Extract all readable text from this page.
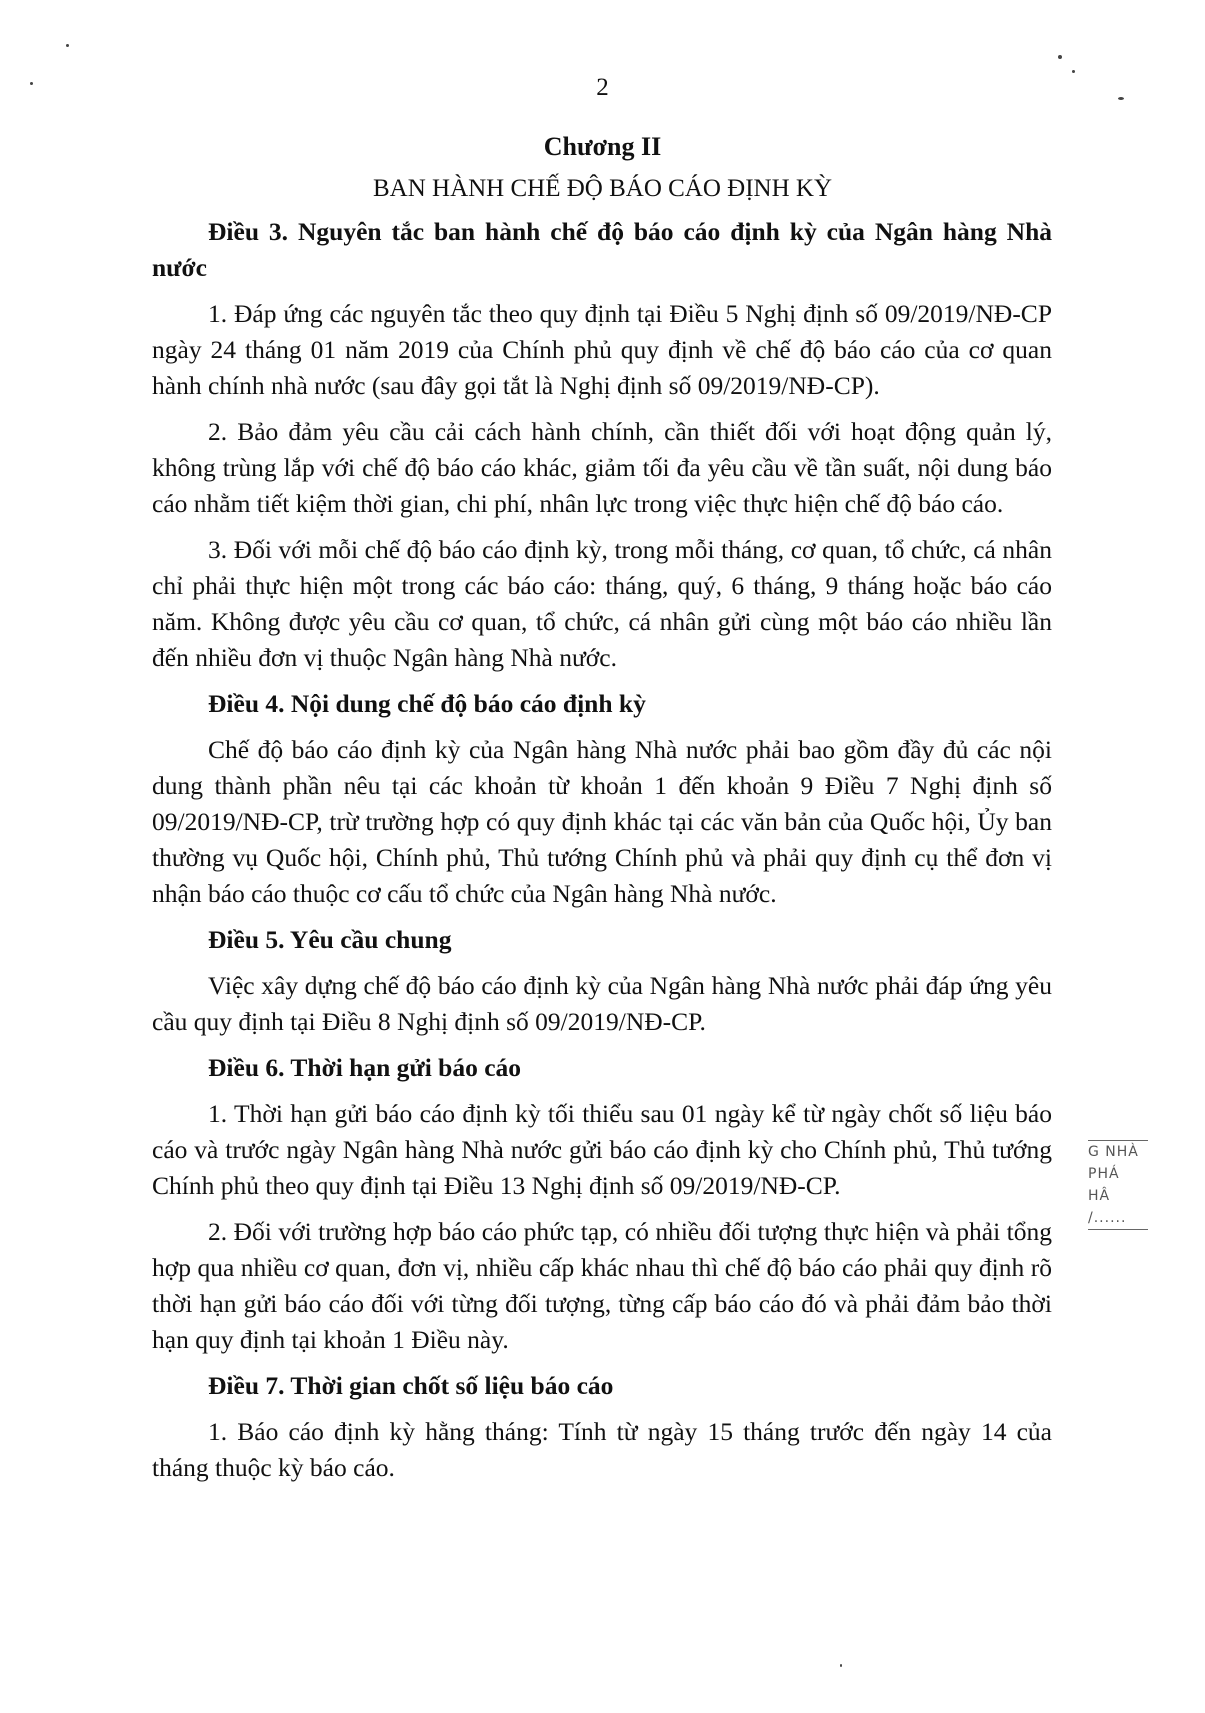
2
Chương II
BAN HÀNH CHẾ ĐỘ BÁO CÁO ĐỊNH KỲ
Điều 3. Nguyên tắc ban hành chế độ báo cáo định kỳ của Ngân hàng Nhà nước
1. Đáp ứng các nguyên tắc theo quy định tại Điều 5 Nghị định số 09/2019/NĐ-CP ngày 24 tháng 01 năm 2019 của Chính phủ quy định về chế độ báo cáo của cơ quan hành chính nhà nước (sau đây gọi tắt là Nghị định số 09/2019/NĐ-CP).
2. Bảo đảm yêu cầu cải cách hành chính, cần thiết đối với hoạt động quản lý, không trùng lắp với chế độ báo cáo khác, giảm tối đa yêu cầu về tần suất, nội dung báo cáo nhằm tiết kiệm thời gian, chi phí, nhân lực trong việc thực hiện chế độ báo cáo.
3. Đối với mỗi chế độ báo cáo định kỳ, trong mỗi tháng, cơ quan, tổ chức, cá nhân chỉ phải thực hiện một trong các báo cáo: tháng, quý, 6 tháng, 9 tháng hoặc báo cáo năm. Không được yêu cầu cơ quan, tổ chức, cá nhân gửi cùng một báo cáo nhiều lần đến nhiều đơn vị thuộc Ngân hàng Nhà nước.
Điều 4. Nội dung chế độ báo cáo định kỳ
Chế độ báo cáo định kỳ của Ngân hàng Nhà nước phải bao gồm đầy đủ các nội dung thành phần nêu tại các khoản từ khoản 1 đến khoản 9 Điều 7 Nghị định số 09/2019/NĐ-CP, trừ trường hợp có quy định khác tại các văn bản của Quốc hội, Ủy ban thường vụ Quốc hội, Chính phủ, Thủ tướng Chính phủ và phải quy định cụ thể đơn vị nhận báo cáo thuộc cơ cấu tổ chức của Ngân hàng Nhà nước.
Điều 5. Yêu cầu chung
Việc xây dựng chế độ báo cáo định kỳ của Ngân hàng Nhà nước phải đáp ứng yêu cầu quy định tại Điều 8 Nghị định số 09/2019/NĐ-CP.
Điều 6. Thời hạn gửi báo cáo
1. Thời hạn gửi báo cáo định kỳ tối thiểu sau 01 ngày kể từ ngày chốt số liệu báo cáo và trước ngày Ngân hàng Nhà nước gửi báo cáo định kỳ cho Chính phủ, Thủ tướng Chính phủ theo quy định tại Điều 13 Nghị định số 09/2019/NĐ-CP.
2. Đối với trường hợp báo cáo phức tạp, có nhiều đối tượng thực hiện và phải tổng hợp qua nhiều cơ quan, đơn vị, nhiều cấp khác nhau thì chế độ báo cáo phải quy định rõ thời hạn gửi báo cáo đối với từng đối tượng, từng cấp báo cáo đó và phải đảm bảo thời hạn quy định tại khoản 1 Điều này.
Điều 7. Thời gian chốt số liệu báo cáo
1. Báo cáo định kỳ hằng tháng: Tính từ ngày 15 tháng trước đến ngày 14 của tháng thuộc kỳ báo cáo.
G NHÀ
PHÁ
HÂ
/......
